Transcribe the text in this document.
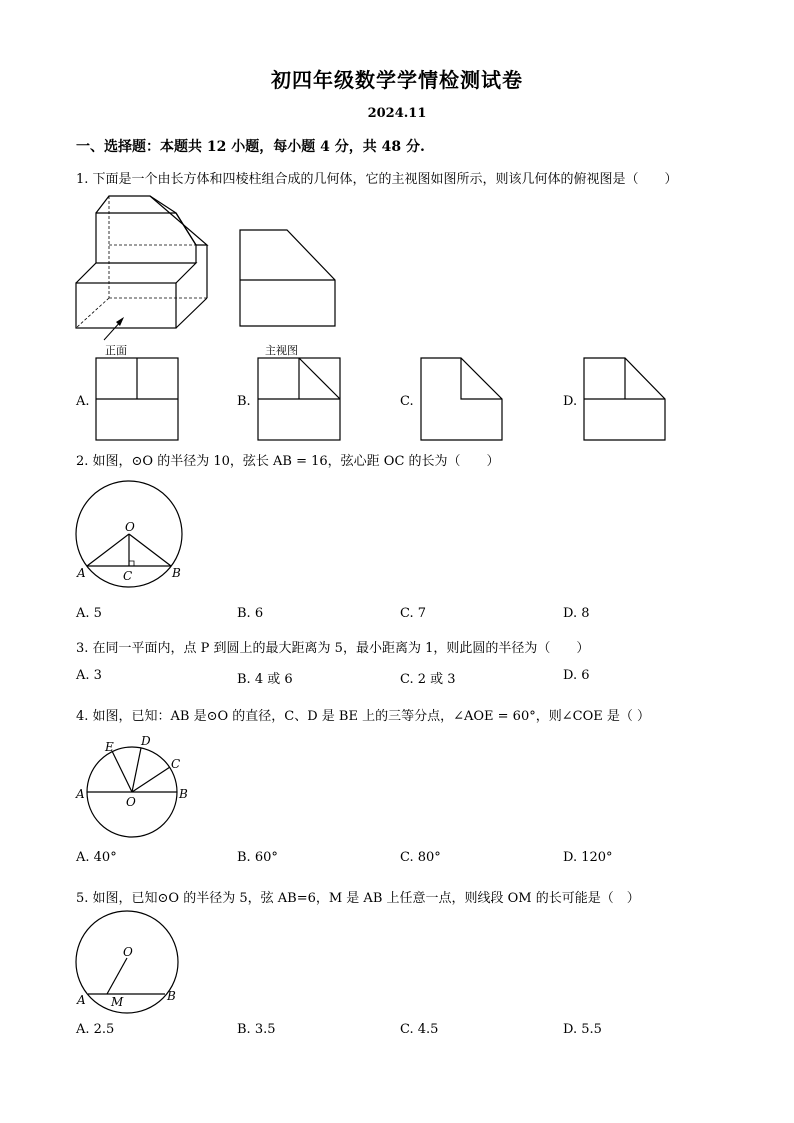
初四年级数学学情检测试卷
2024.11
一、选择题：本题共 12 小题，每小题 4 分，共 48 分.
1. 下面是一个由长方体和四棱柱组合成的几何体，它的主视图如图所示，则该几何体的俯视图是（　　）
正面	主视图
A.	B.	C.	D.
2. 如图，⊙O 的半径为 10，弦长 AB = 16，弦心距 OC 的长为（　　）
O
A	B
C
A. 5	B. 6	C. 7	D. 8
3. 在同一平面内，点 P 到圆上的最大距离为 5，最小距离为 1，则此圆的半径为（　　）
A. 3	B. 4 或 6	C. 2 或 3	D. 6
4. 如图，已知：AB 是⊙O 的直径，C、D 是 BE 上的三等分点，∠AOE = 60°，则∠COE 是（ ）
A	B
O
E D
C
A. 40°	B. 60°	C. 80°	D. 120°
5. 如图，已知⊙O 的半径为 5，弦 AB=6，M 是 AB 上任意一点，则线段 OM 的长可能是（　）
O
A	B
M
A. 2.5	B. 3.5	C. 4.5	D. 5.5
